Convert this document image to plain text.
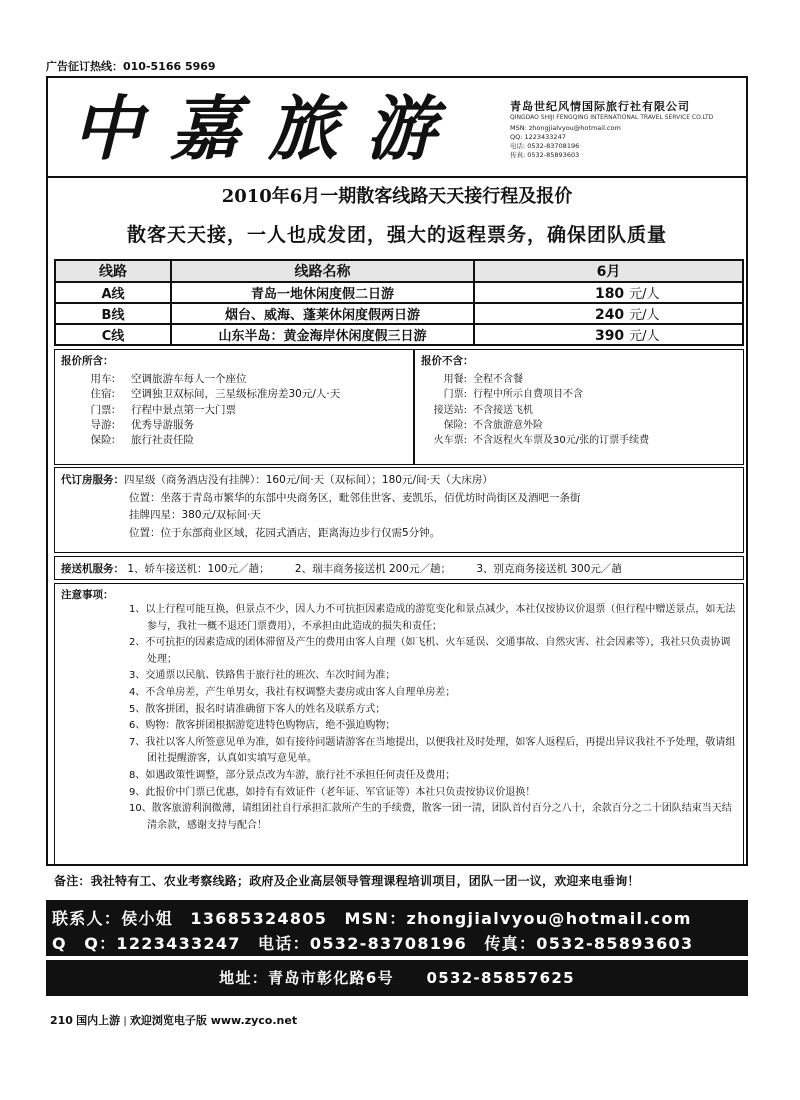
广告征订热线：010-5166 5969
中嘉旅游	青岛世纪风情国际旅行社有限公司
QINGDAO SHIJI FENGQING INTERNATIONAL TRAVEL SERVICE CO.LTD
MSN: zhongjialvyou@hotmail.com
QQ: 1223433247
电话: 0532-83708196
传真: 0532-85893603
2010年6月一期散客线路天天接行程及报价
散客天天接，一人也成发团，强大的返程票务，确保团队质量
线路	线路名称	6月
A线	青岛一地休闲度假二日游	180 元/人
B线	烟台、威海、蓬莱休闲度假两日游	240 元/人
C线	山东半岛：黄金海岸休闲度假三日游	390 元/人
报价所含：
用车: 空调旅游车每人一个座位
住宿: 空调独卫双标间，三星级标准房差30元/人·天
门票: 行程中景点第一大门票
导游: 优秀导游服务
保险: 旅行社责任险
报价不含：
用餐: 全程不含餐
门票: 行程中所示自费项目不含
接送站: 不含接送飞机
保险: 不含旅游意外险
火车票: 不含返程火车票及30元/张的订票手续费
代订房服务：四星级（商务酒店没有挂牌）：160元/间·天（双标间）；180元/间·天（大床房）
位置：坐落于青岛市繁华的东部中央商务区，毗邻佳世客、麦凯乐，佰优坊时尚街区及酒吧一条街
挂牌四星：380元/双标间·天
位置：位于东部商业区域，花园式酒店，距离海边步行仅需5分钟。
接送机服务： 1、轿车接送机：100元／趟； 2、瑞丰商务接送机 200元／趟； 3、别克商务接送机 300元／趟
注意事项：
1、以上行程可能互换，但景点不少，因人力不可抗拒因素造成的游览变化和景点减少，本社仅按协议价退票（但行程中赠送景点，如无法参与，我社一概不退还门票费用），不承担由此造成的损失和责任；
2、不可抗拒的因素造成的团体滞留及产生的费用由客人自理（如飞机、火车延误、交通事故、自然灾害、社会因素等），我社只负责协调处理；
3、交通票以民航、铁路售于旅行社的班次、车次时间为准；
4、不含单房差，产生单男女，我社有权调整夫妻房或由客人自理单房差；
5、散客拼团，报名时请准确留下客人的姓名及联系方式；
6、购物：散客拼团根据游览进特色购物店，绝不强迫购物；
7、我社以客人所签意见单为准，如有接待问题请游客在当地提出，以便我社及时处理，如客人返程后，再提出异议我社不予处理，敬请组团社提醒游客，认真如实填写意见单。
8、如遇政策性调整，部分景点改为车游，旅行社不承担任何责任及费用；
9、此报价中门票已优惠，如持有有效证件（老年证、军官证等）本社只负责按协议价退换！
10、散客旅游利润微薄，请组团社自行承担汇款所产生的手续费，散客一团一清，团队首付百分之八十，余款百分之二十团队结束当天结清余款，感谢支持与配合！
备注：我社特有工、农业考察线路；政府及企业高层领导管理课程培训项目，团队一团一议，欢迎来电垂询！
联系人：侯小姐　13685324805　MSN：zhongjialvyou@hotmail.com
Q　Q：1223433247　电话：0532-83708196　传真：0532-85893603
地址：青岛市彰化路6号　　0532-85857625
210 国内上游 | 欢迎浏览电子版 www.zyco.net
